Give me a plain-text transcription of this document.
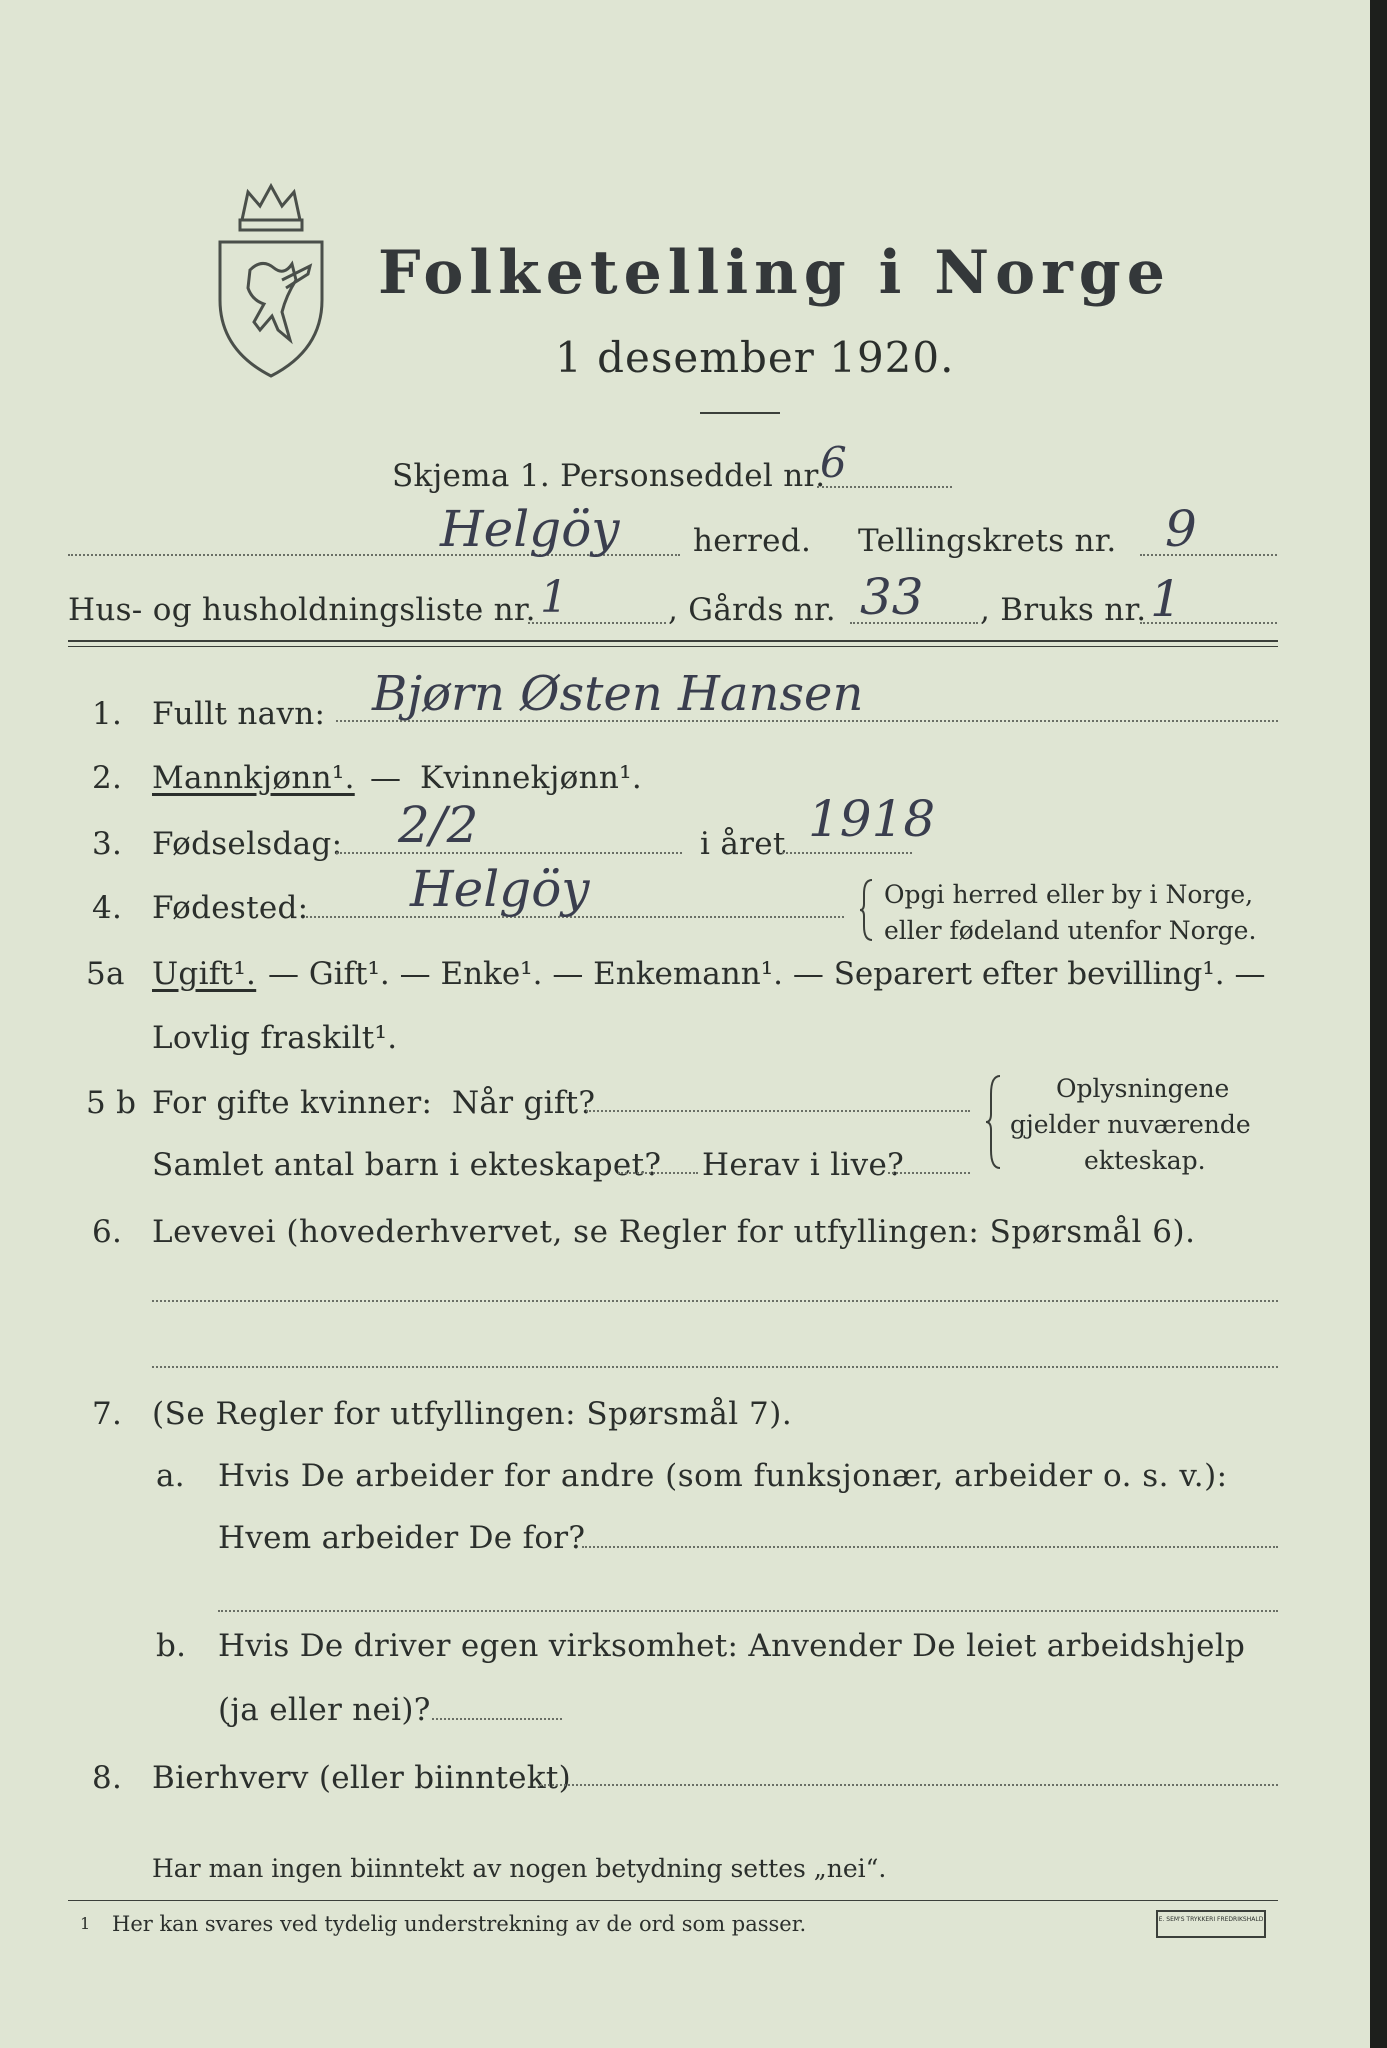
Folketelling i Norge
1 desember 1920.
Skjema 1. Personseddel nr.
6
Helgöy herred. Tellingskrets nr. 9
Hus- og husholdningsliste nr. 1	, Gårds nr. 33 , Bruks nr. 1
1. Fullt navn: Bjørn Østen Hansen
2. Mannkjønn¹. — Kvinnekjønn¹.
3. Fødselsdag: 2/2	i året 1918
4. Fødested: Helgöy	Opgi herred eller by i Norge,
eller fødeland utenfor Norge.
5a Ugift¹. — Gift¹. — Enke¹. — Enkemann¹. — Separert efter bevilling¹. —
Lovlig fraskilt¹.
5 b For gifte kvinner: Når gift?
Samlet antal barn i ekteskapet? Herav i live?
Oplysningene
gjelder nuværende
ekteskap.
6. Levevei (hovederhvervet, se Regler for utfyllingen: Spørsmål 6).
7. (Se Regler for utfyllingen: Spørsmål 7).
a. Hvis De arbeider for andre (som funksjonær, arbeider o. s. v.):
Hvem arbeider De for?
b. Hvis De driver egen virksomhet: Anvender De leiet arbeidshjelp
(ja eller nei)?
8. Bierhverv (eller biinntekt)
Har man ingen biinntekt av nogen betydning settes „nei“.
1 Her kan svares ved tydelig understrekning av de ord som passer.	E. SEM'S TRYKKERI FREDRIKSHALD
